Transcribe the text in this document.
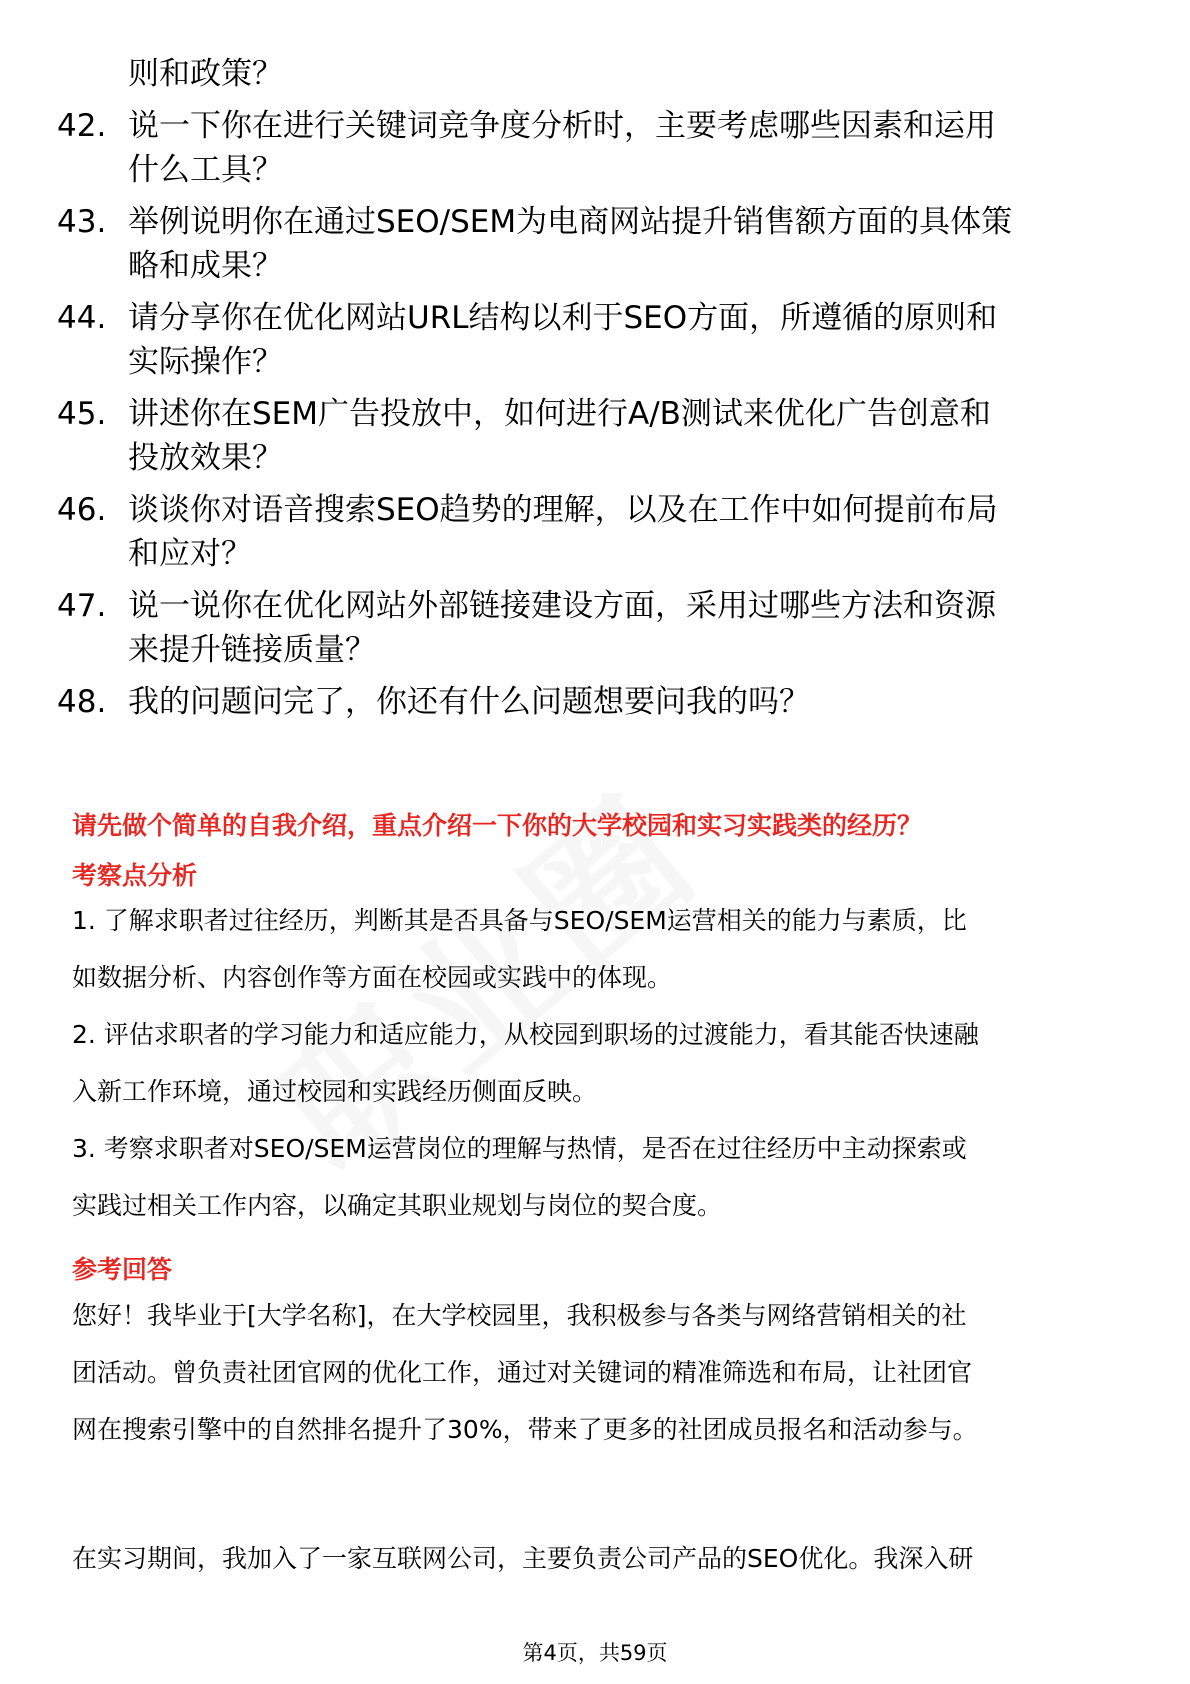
则和政策？
42. 说一下你在进行关键词竞争度分析时，主要考虑哪些因素和运用
什么工具？
43. 举例说明你在通过SEO/SEM为电商网站提升销售额方面的具体策
略和成果？
44. 请分享你在优化网站URL结构以利于SEO方面，所遵循的原则和
实际操作？
45. 讲述你在SEM广告投放中，如何进行A/B测试来优化广告创意和
投放效果？
46. 谈谈你对语音搜索SEO趋势的理解，以及在工作中如何提前布局
和应对？
47. 说一说你在优化网站外部链接建设方面，采用过哪些方法和资源
来提升链接质量？
48. 我的问题问完了，你还有什么问题想要问我的吗？
请先做个简单的自我介绍，重点介绍一下你的大学校园和实习实践类的经历？
考察点分析
1. 了解求职者过往经历，判断其是否具备与SEO/SEM运营相关的能力与素质，比
如数据分析、内容创作等方面在校园或实践中的体现。
2. 评估求职者的学习能力和适应能力，从校园到职场的过渡能力，看其能否快速融
入新工作环境，通过校园和实践经历侧面反映。
3. 考察求职者对SEO/SEM运营岗位的理解与热情，是否在过往经历中主动探索或
实践过相关工作内容，以确定其职业规划与岗位的契合度。
参考回答
您好！我毕业于[大学名称]，在大学校园里，我积极参与各类与网络营销相关的社
团活动。曾负责社团官网的优化工作，通过对关键词的精准筛选和布局，让社团官
网在搜索引擎中的自然排名提升了30%，带来了更多的社团成员报名和活动参与。
在实习期间，我加入了一家互联网公司，主要负责公司产品的SEO优化。我深入研
第4页，共59页
